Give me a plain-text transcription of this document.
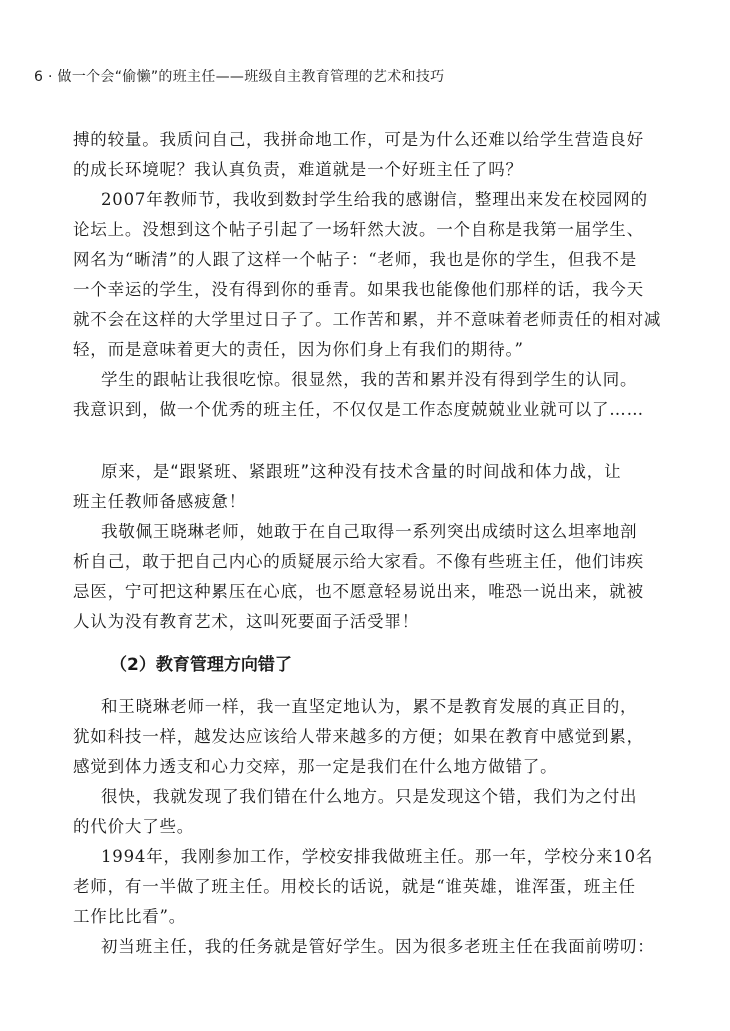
6 · 做一个会“偷懒”的班主任——班级自主教育管理的艺术和技巧
搏的较量。我质问自己，我拼命地工作，可是为什么还难以给学生营造良好
的成长环境呢？我认真负责，难道就是一个好班主任了吗？
2007年教师节，我收到数封学生给我的感谢信，整理出来发在校园网的
论坛上。没想到这个帖子引起了一场轩然大波。一个自称是我第一届学生、
网名为“晰清”的人跟了这样一个帖子：“老师，我也是你的学生，但我不是
一个幸运的学生，没有得到你的垂青。如果我也能像他们那样的话，我今天
就不会在这样的大学里过日子了。工作苦和累，并不意味着老师责任的相对减
轻，而是意味着更大的责任，因为你们身上有我们的期待。”
学生的跟帖让我很吃惊。很显然，我的苦和累并没有得到学生的认同。
我意识到，做一个优秀的班主任，不仅仅是工作态度兢兢业业就可以了……
原来，是“跟紧班、紧跟班”这种没有技术含量的时间战和体力战，让
班主任教师备感疲惫！
我敬佩王晓琳老师，她敢于在自己取得一系列突出成绩时这么坦率地剖
析自己，敢于把自己内心的质疑展示给大家看。不像有些班主任，他们讳疾
忌医，宁可把这种累压在心底，也不愿意轻易说出来，唯恐一说出来，就被
人认为没有教育艺术，这叫死要面子活受罪！
（2）教育管理方向错了
和王晓琳老师一样，我一直坚定地认为，累不是教育发展的真正目的，
犹如科技一样，越发达应该给人带来越多的方便；如果在教育中感觉到累，
感觉到体力透支和心力交瘁，那一定是我们在什么地方做错了。
很快，我就发现了我们错在什么地方。只是发现这个错，我们为之付出
的代价大了些。
1994年，我刚参加工作，学校安排我做班主任。那一年，学校分来10名
老师，有一半做了班主任。用校长的话说，就是“谁英雄，谁浑蛋，班主任
工作比比看”。
初当班主任，我的任务就是管好学生。因为很多老班主任在我面前唠叨：
